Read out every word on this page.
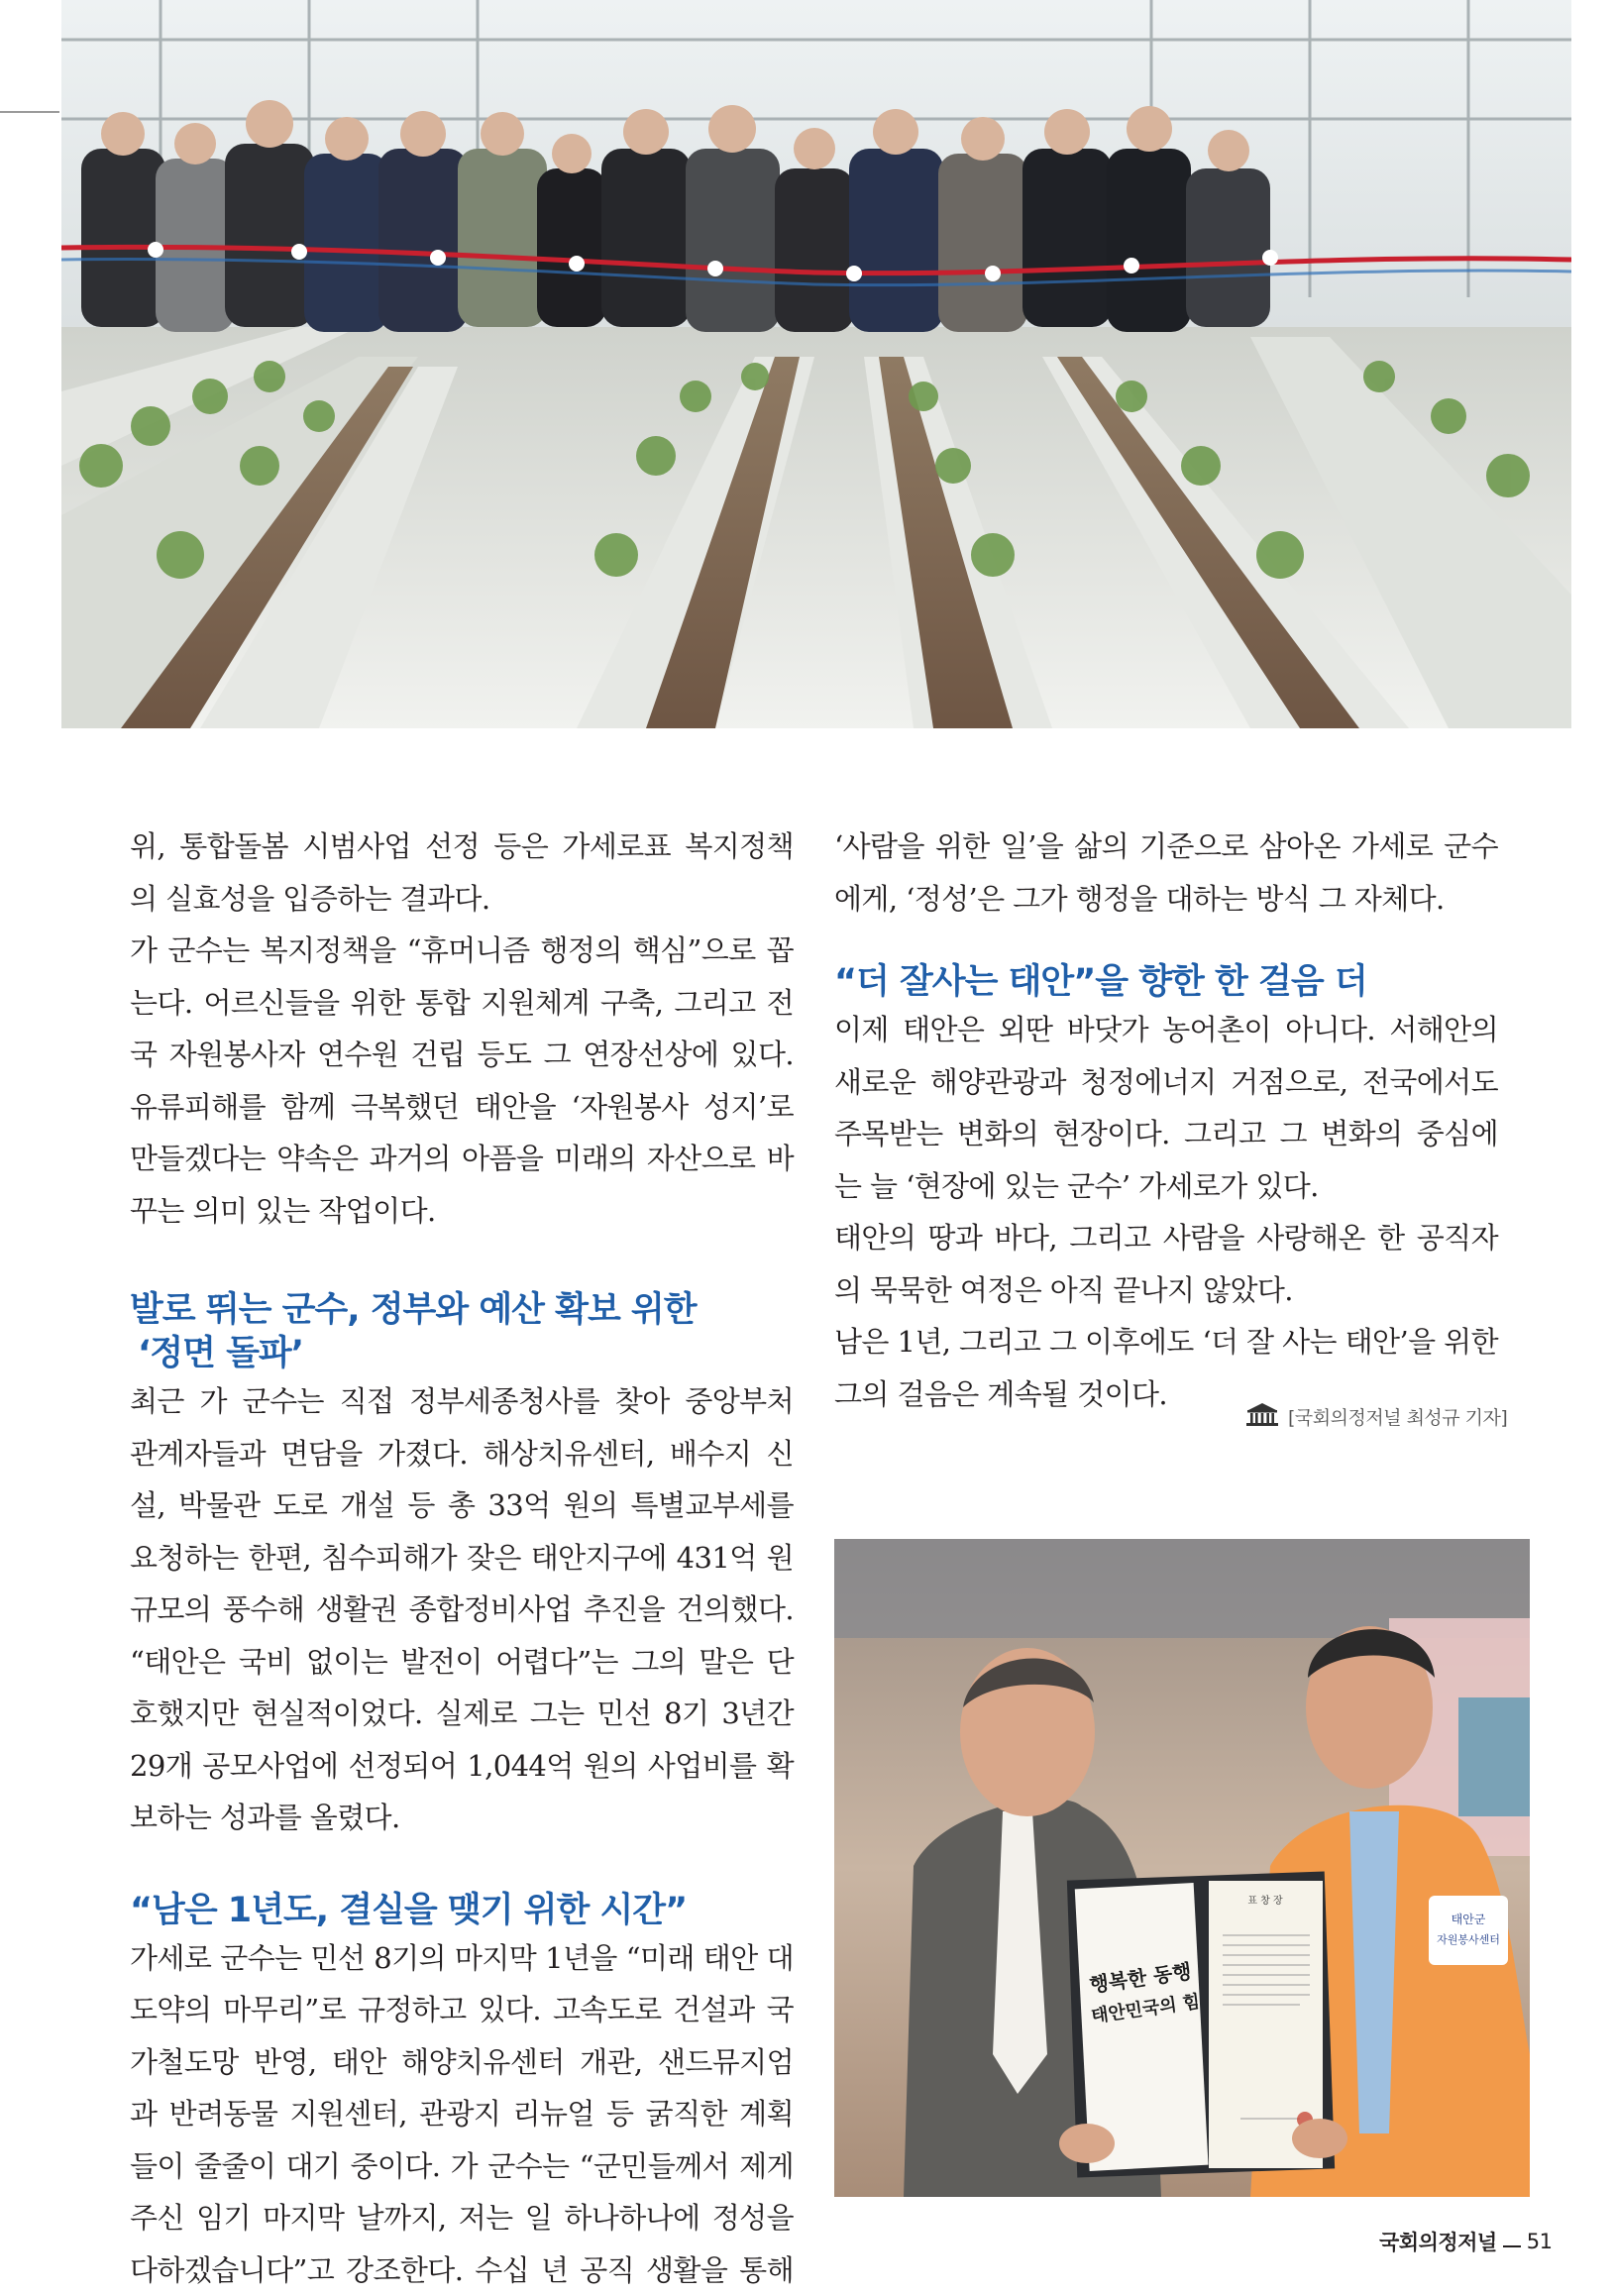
위, 통합돌봄 시범사업 선정 등은 가세로표 복지정책

의 실효성을 입증하는 결과다.

가 군수는 복지정책을 “휴머니즘 행정의 핵심”으로 꼽

는다. 어르신들을 위한 통합 지원체계 구축, 그리고 전

국 자원봉사자 연수원 건립 등도 그 연장선상에 있다.

유류피해를 함께 극복했던 태안을 ‘자원봉사 성지’로

만들겠다는 약속은 과거의 아픔을 미래의 자산으로 바

꾸는 의미 있는 작업이다.

발로 뛰는 군수, 정부와 예산 확보 위한
‘정면 돌파’

최근 가 군수는 직접 정부세종청사를 찾아 중앙부처

관계자들과 면담을 가졌다. 해상치유센터, 배수지 신

설, 박물관 도로 개설 등 총 33억 원의 특별교부세를

요청하는 한편, 침수피해가 잦은 태안지구에 431억 원

규모의 풍수해 생활권 종합정비사업 추진을 건의했다.

“태안은 국비 없이는 발전이 어렵다”는 그의 말은 단

호했지만 현실적이었다. 실제로 그는 민선 8기 3년간

29개 공모사업에 선정되어 1,044억 원의 사업비를 확

보하는 성과를 올렸다.

“남은 1년도, 결실을 맺기 위한 시간”

가세로 군수는 민선 8기의 마지막 1년을 “미래 태안 대

도약의 마무리”로 규정하고 있다. 고속도로 건설과 국

가철도망 반영, 태안 해양치유센터 개관, 샌드뮤지엄

과 반려동물 지원센터, 관광지 리뉴얼 등 굵직한 계획

들이 줄줄이 대기 중이다. 가 군수는 “군민들께서 제게

주신 임기 마지막 날까지, 저는 일 하나하나에 정성을

다하겠습니다”고 강조한다. 수십 년 공직 생활을 통해

‘사람을 위한 일’을 삶의 기준으로 삼아온 가세로 군수

에게, ‘정성’은 그가 행정을 대하는 방식 그 자체다.

“더 잘사는 태안”을 향한 한 걸음 더

이제 태안은 외딴 바닷가 농어촌이 아니다. 서해안의

새로운 해양관광과 청정에너지 거점으로, 전국에서도

주목받는 변화의 현장이다. 그리고 그 변화의 중심에

는 늘 ‘현장에 있는 군수’ 가세로가 있다.

태안의 땅과 바다, 그리고 사람을 사랑해온 한 공직자

의 묵묵한 여정은 아직 끝나지 않았다.

남은 1년, 그리고 그 이후에도 ‘더 잘 사는 태안’을 위한

그의 걸음은 계속될 것이다.

[국회의정저널 최성규 기자]
태안군
자원봉사센터
행복한 동행
태안민국의 힘
표 창 장
국회의정저널 51
